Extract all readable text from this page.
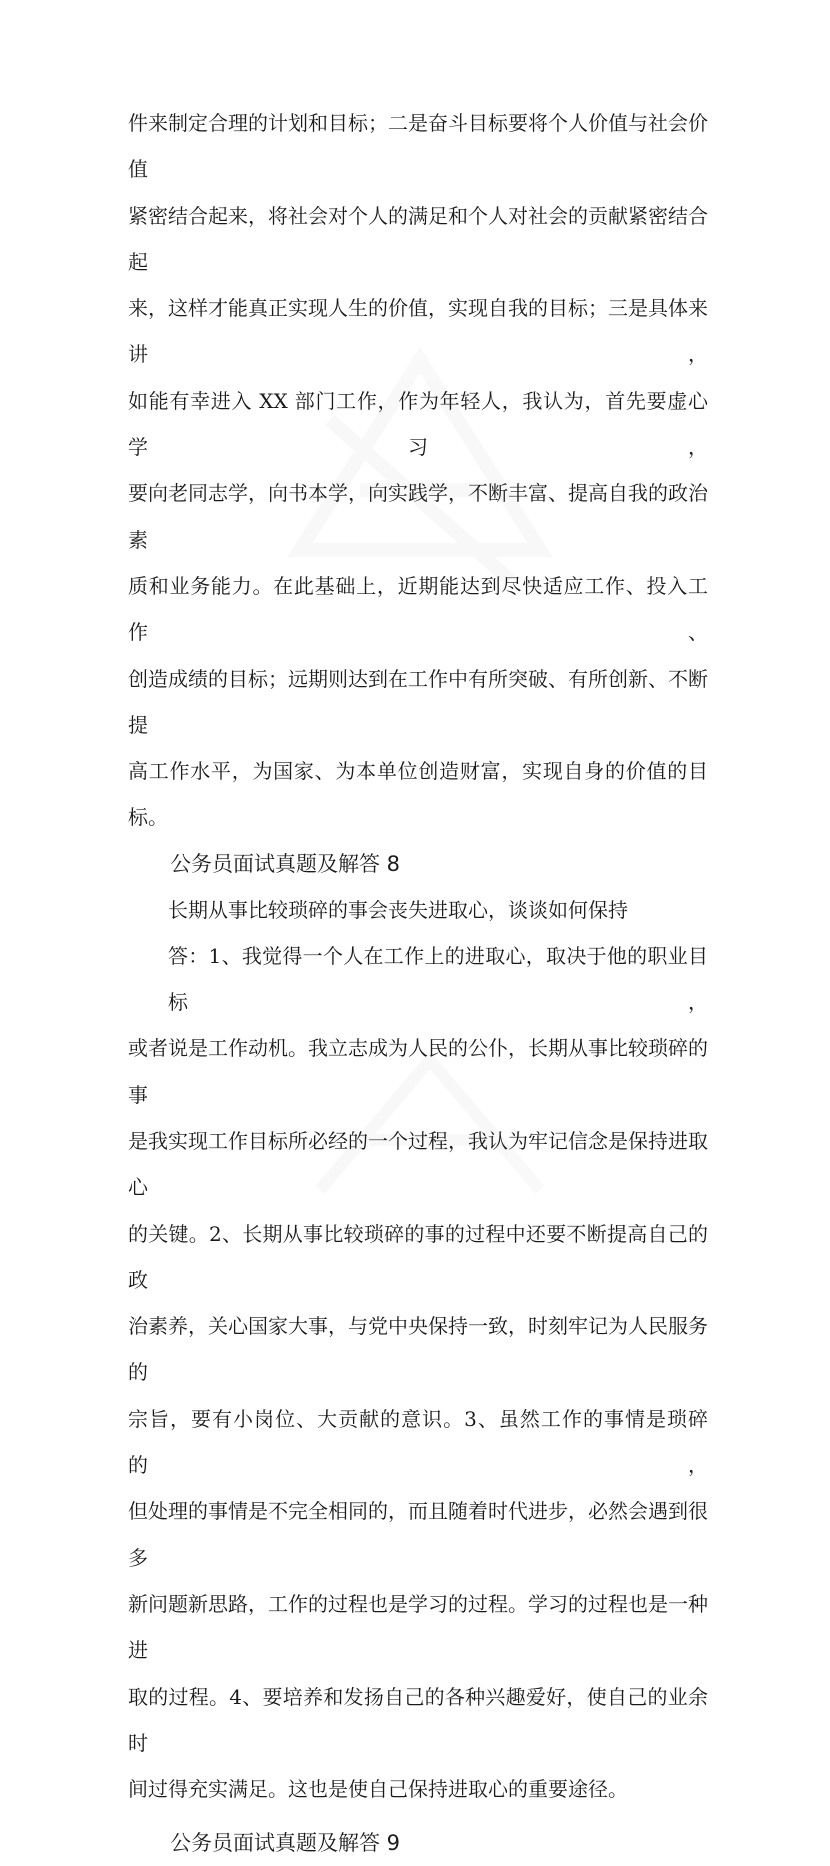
件来制定合理的计划和目标；二是奋斗目标要将个人价值与社会价值
紧密结合起来，将社会对个人的满足和个人对社会的贡献紧密结合起
来，这样才能真正实现人生的价值，实现自我的目标；三是具体来讲，
如能有幸进入 XX 部门工作，作为年轻人，我认为，首先要虚心学习，
要向老同志学，向书本学，向实践学，不断丰富、提高自我的政治素
质和业务能力。在此基础上，近期能达到尽快适应工作、投入工作、
创造成绩的目标；远期则达到在工作中有所突破、有所创新、不断提
高工作水平，为国家、为本单位创造财富，实现自身的价值的目标。

公务员面试真题及解答 8

长期从事比较琐碎的事会丧失进取心，谈谈如何保持

答：1、我觉得一个人在工作上的进取心，取决于他的职业目标，
或者说是工作动机。我立志成为人民的公仆，长期从事比较琐碎的事
是我实现工作目标所必经的一个过程，我认为牢记信念是保持进取心
的关键。2、长期从事比较琐碎的事的过程中还要不断提高自己的政
治素养，关心国家大事，与党中央保持一致，时刻牢记为人民服务的
宗旨，要有小岗位、大贡献的意识。3、虽然工作的事情是琐碎的，
但处理的事情是不完全相同的，而且随着时代进步，必然会遇到很多
新问题新思路，工作的过程也是学习的过程。学习的过程也是一种进
取的过程。4、要培养和发扬自己的各种兴趣爱好，使自己的业余时
间过得充实满足。这也是使自己保持进取心的重要途径。

公务员面试真题及解答 9
